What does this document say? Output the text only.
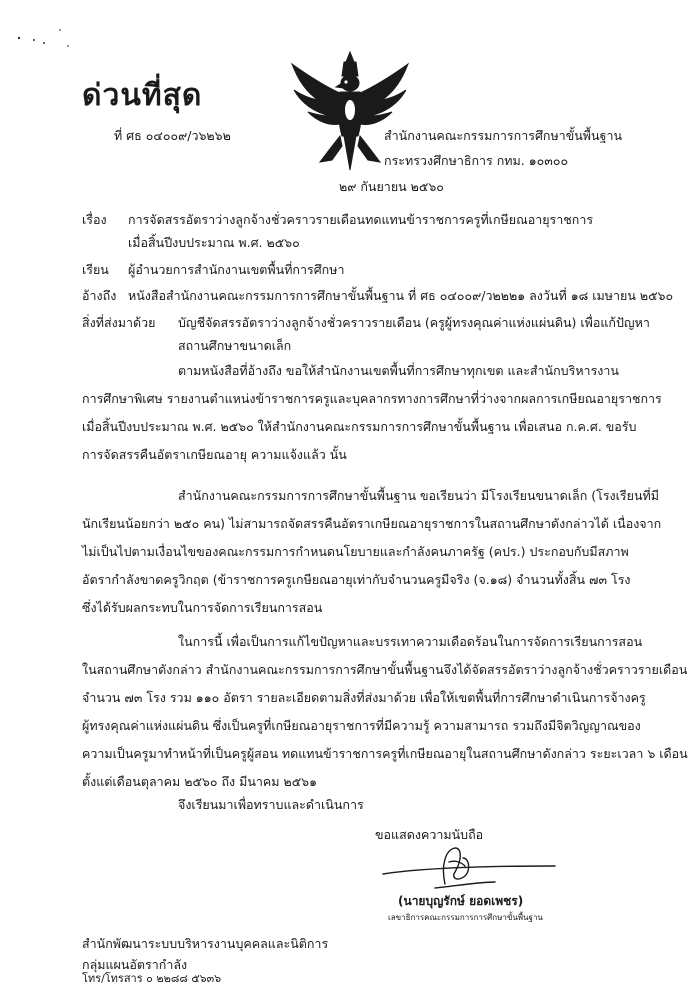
ด่วนที่สุด
ที่ ศธ ๐๔๐๐๙/ว๖๒๖๒	สำนักงานคณะกรรมการการศึกษาขั้นพื้นฐาน
กระทรวงศึกษาธิการ กทม. ๑๐๓๐๐
๒๙ กันยายน ๒๕๖๐
เรื่อง การจัดสรรอัตราว่างลูกจ้างชั่วคราวรายเดือนทดแทนข้าราชการครูที่เกษียณอายุราชการ
เมื่อสิ้นปีงบประมาณ พ.ศ. ๒๕๖๐
เรียน ผู้อำนวยการสำนักงานเขตพื้นที่การศึกษา
อ้างถึง หนังสือสำนักงานคณะกรรมการการศึกษาขั้นพื้นฐาน ที่ ศธ ๐๔๐๐๙/ว๒๒๒๑ ลงวันที่ ๑๘ เมษายน ๒๕๖๐
สิ่งที่ส่งมาด้วย บัญชีจัดสรรอัตราว่างลูกจ้างชั่วคราวรายเดือน (ครูผู้ทรงคุณค่าแห่งแผ่นดิน) เพื่อแก้ปัญหา
สถานศึกษาขนาดเล็ก
ตามหนังสือที่อ้างถึง ขอให้สำนักงานเขตพื้นที่การศึกษาทุกเขต และสำนักบริหารงาน
การศึกษาพิเศษ รายงานตำแหน่งข้าราชการครูและบุคลากรทางการศึกษาที่ว่างจากผลการเกษียณอายุราชการ
เมื่อสิ้นปีงบประมาณ พ.ศ. ๒๕๖๐ ให้สำนักงานคณะกรรมการการศึกษาขั้นพื้นฐาน เพื่อเสนอ ก.ค.ศ. ขอรับ
การจัดสรรคืนอัตราเกษียณอายุ ความแจ้งแล้ว นั้น
สำนักงานคณะกรรมการการศึกษาขั้นพื้นฐาน ขอเรียนว่า มีโรงเรียนขนาดเล็ก (โรงเรียนที่มี
นักเรียนน้อยกว่า ๒๕๐ คน) ไม่สามารถจัดสรรคืนอัตราเกษียณอายุราชการในสถานศึกษาดังกล่าวได้ เนื่องจาก
ไม่เป็นไปตามเงื่อนไขของคณะกรรมการกำหนดนโยบายและกำลังคนภาครัฐ (คปร.) ประกอบกับมีสภาพ
อัตรากำลังขาดครูวิกฤต (ข้าราชการครูเกษียณอายุเท่ากับจำนวนครูมีจริง (จ.๑๘) จำนวนทั้งสิ้น ๗๓ โรง
ซึ่งได้รับผลกระทบในการจัดการเรียนการสอน
ในการนี้ เพื่อเป็นการแก้ไขปัญหาและบรรเทาความเดือดร้อนในการจัดการเรียนการสอน
ในสถานศึกษาดังกล่าว สำนักงานคณะกรรมการการศึกษาขั้นพื้นฐานจึงได้จัดสรรอัตราว่างลูกจ้างชั่วคราวรายเดือน
จำนวน ๗๓ โรง รวม ๑๑๐ อัตรา รายละเอียดตามสิ่งที่ส่งมาด้วย เพื่อให้เขตพื้นที่การศึกษาดำเนินการจ้างครู
ผู้ทรงคุณค่าแห่งแผ่นดิน ซึ่งเป็นครูที่เกษียณอายุราชการที่มีความรู้ ความสามารถ รวมถึงมีจิตวิญญาณของ
ความเป็นครูมาทำหน้าที่เป็นครูผู้สอน ทดแทนข้าราชการครูที่เกษียณอายุในสถานศึกษาดังกล่าว ระยะเวลา ๖ เดือน
ตั้งแต่เดือนตุลาคม ๒๕๖๐ ถึง มีนาคม ๒๕๖๑
จึงเรียนมาเพื่อทราบและดำเนินการ
ขอแสดงความนับถือ
(นายบุญรักษ์ ยอดเพชร)
เลขาธิการคณะกรรมการการศึกษาขั้นพื้นฐาน
สำนักพัฒนาระบบบริหารงานบุคคลและนิติการ
กลุ่มแผนอัตรากำลัง
โทร/โทรสาร ๐ ๒๒๘๘ ๕๖๓๖
